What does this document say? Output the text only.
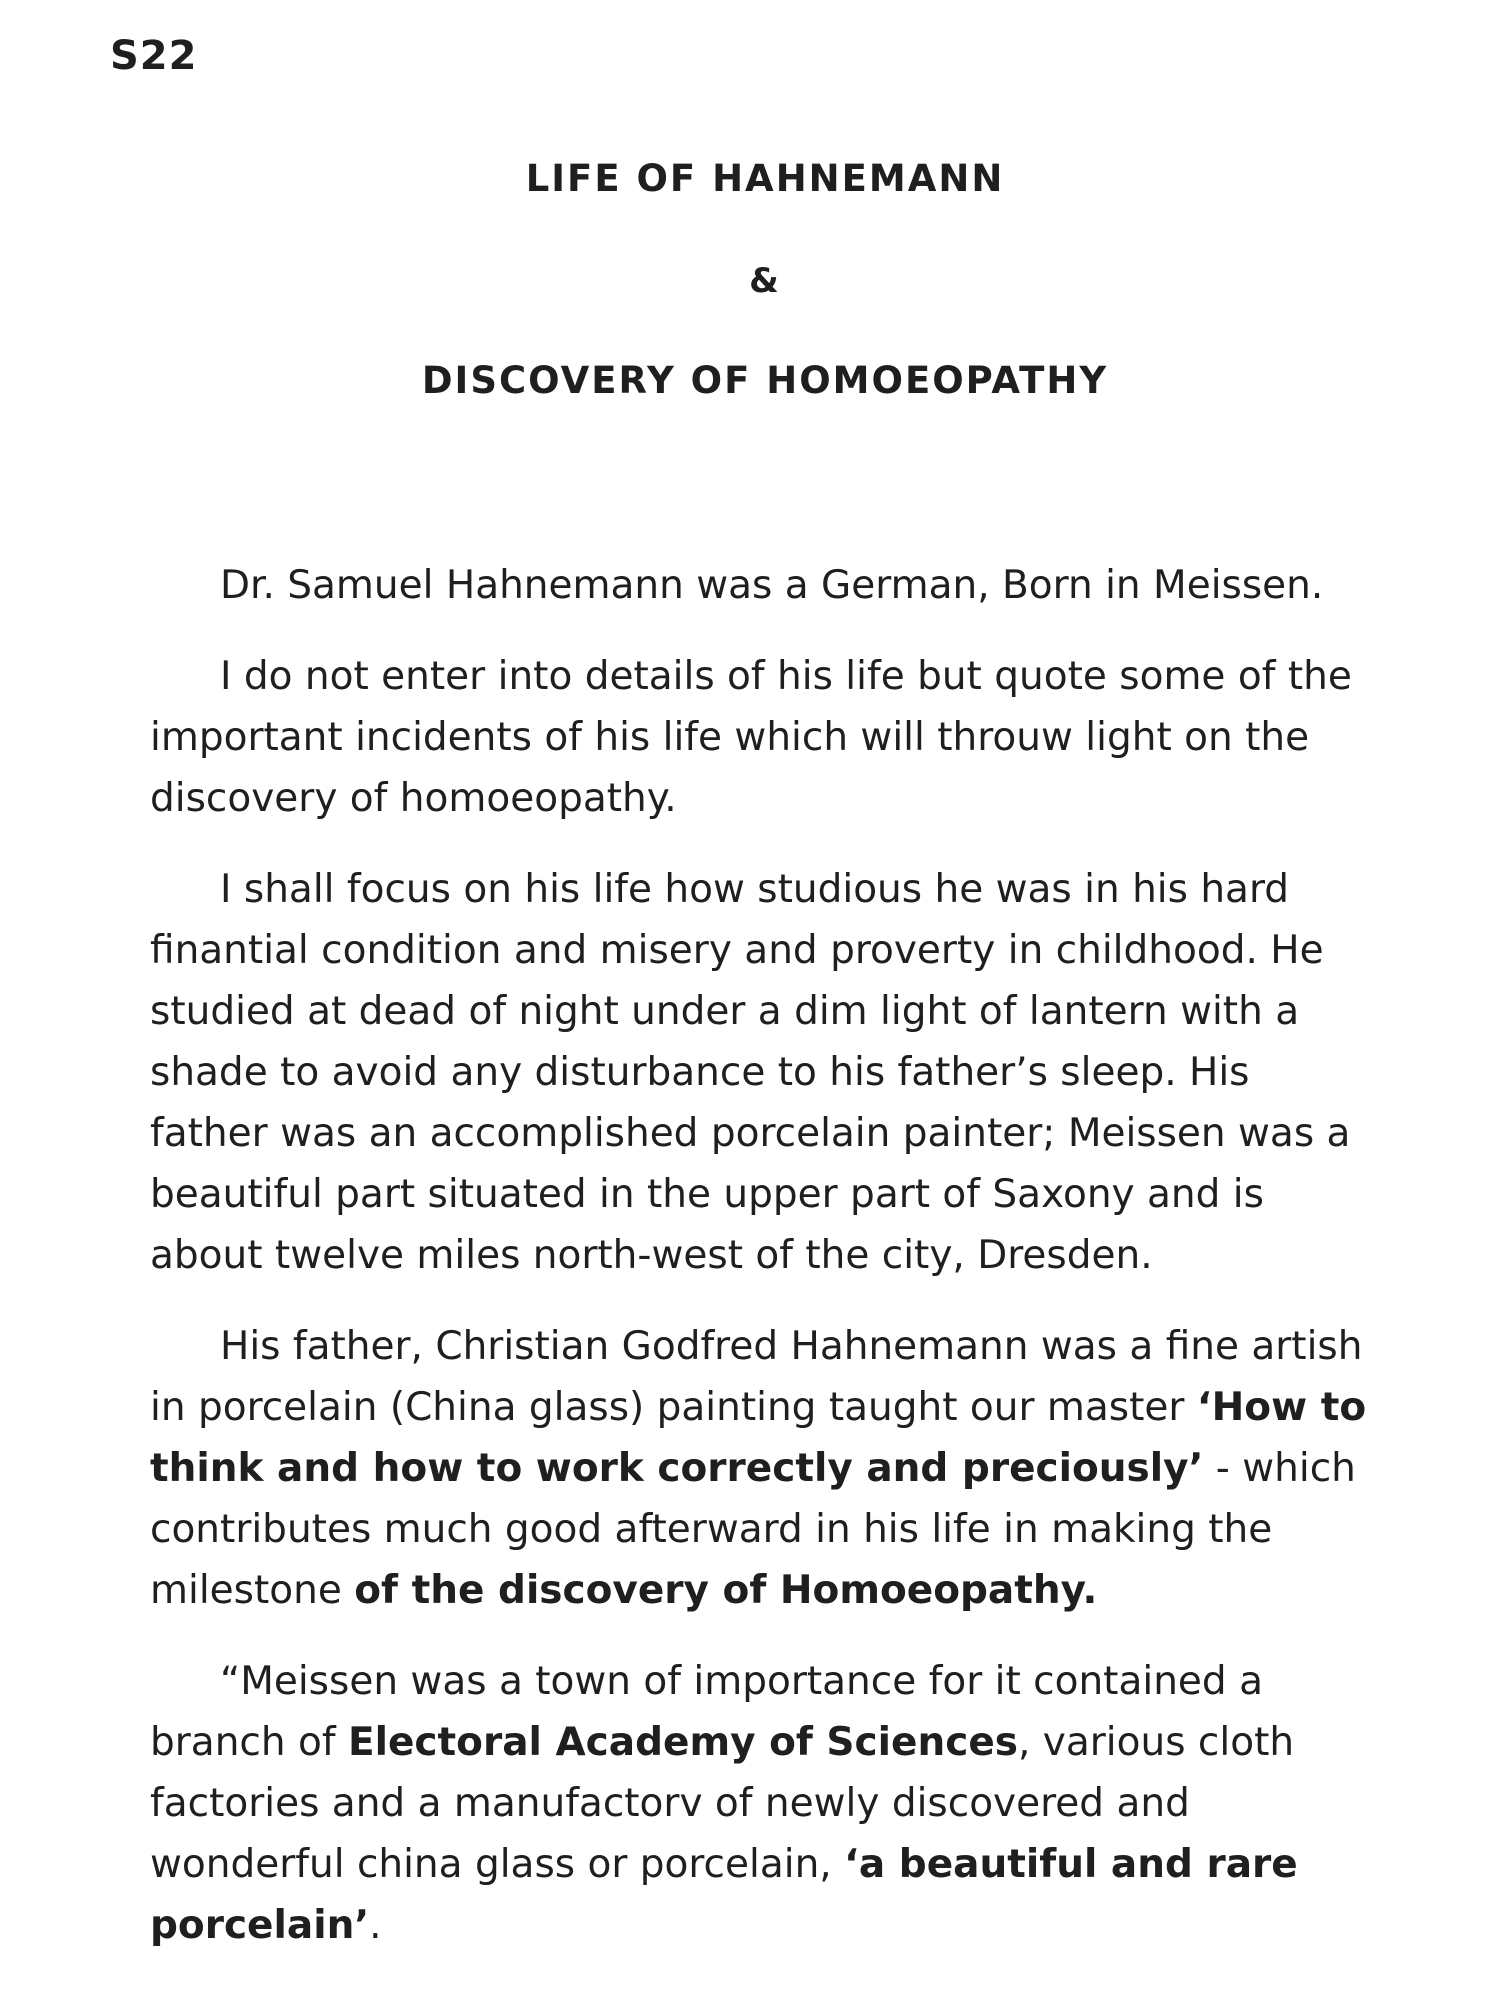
S22
LIFE OF HAHNEMANN
&
DISCOVERY OF HOMOEOPATHY

Dr. Samuel Hahnemann was a German, Born in Meissen.

I do not enter into details of his life but quote some of the
important incidents of his life which will throuw light on the
discovery of homoeopathy.

I shall focus on his life how studious he was in his hard
finantial condition and misery and proverty in childhood. He
studied at dead of night under a dim light of lantern with a
shade to avoid any disturbance to his father’s sleep. His
father was an accomplished porcelain painter; Meissen was a
beautiful part situated in the upper part of Saxony and is
about twelve miles north-west of the city, Dresden.

His father, Christian Godfred Hahnemann was a fine artish
in porcelain (China glass) painting taught our master ‘How to
think and how to work correctly and preciously’ - which
contributes much good afterward in his life in making the
milestone of the discovery of Homoeopathy.

“Meissen was a town of importance for it contained a
branch of Electoral Academy of Sciences, various cloth
factories and a manufactorv of newly discovered and
wonderful china glass or porcelain, ‘a beautiful and rare
porcelain’.
